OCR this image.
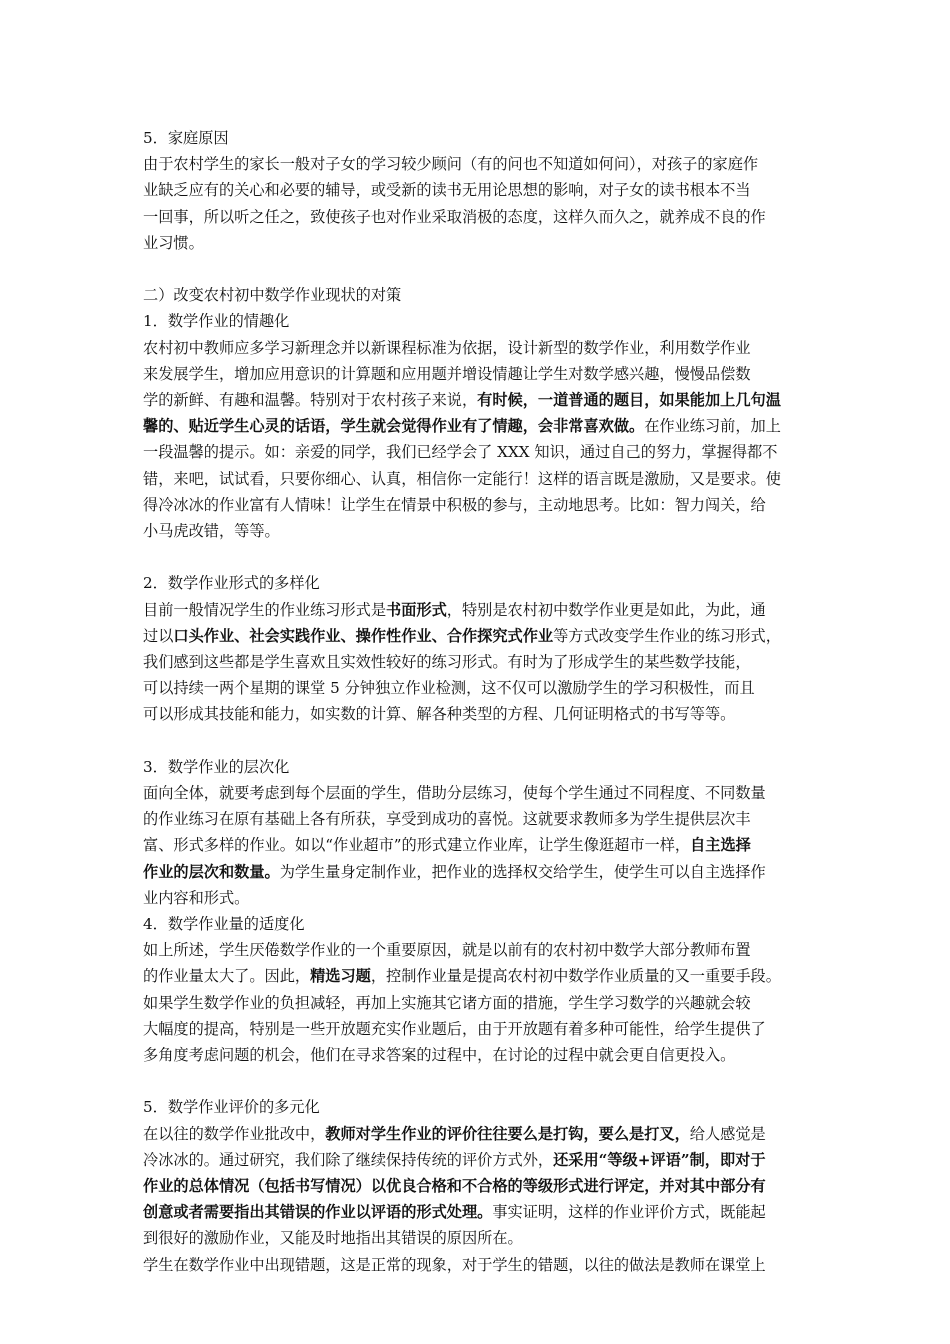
5．家庭原因
由于农村学生的家长一般对子女的学习较少顾问（有的问也不知道如何问），对孩子的家庭作
业缺乏应有的关心和必要的辅导，或受新的读书无用论思想的影响，对子女的读书根本不当
一回事，所以听之任之，致使孩子也对作业采取消极的态度，这样久而久之，就养成不良的作
业习惯。
二）改变农村初中数学作业现状的对策
1．数学作业的情趣化
农村初中教师应多学习新理念并以新课程标准为依据，设计新型的数学作业，利用数学作业
来发展学生，增加应用意识的计算题和应用题并增设情趣让学生对数学感兴趣，慢慢品偿数
学的新鲜、有趣和温馨。特别对于农村孩子来说，有时候，一道普通的题目，如果能加上几句温
馨的、贴近学生心灵的话语，学生就会觉得作业有了情趣，会非常喜欢做。在作业练习前，加上
一段温馨的提示。如：亲爱的同学，我们已经学会了 XXX 知识，通过自己的努力，掌握得都不
错，来吧，试试看，只要你细心、认真，相信你一定能行！这样的语言既是激励，又是要求。使
得冷冰冰的作业富有人情味！让学生在情景中积极的参与，主动地思考。比如：智力闯关，给
小马虎改错，等等。
2．数学作业形式的多样化
目前一般情况学生的作业练习形式是书面形式，特别是农村初中数学作业更是如此，为此，通
过以口头作业、社会实践作业、操作性作业、合作探究式作业等方式改变学生作业的练习形式，
我们感到这些都是学生喜欢且实效性较好的练习形式。有时为了形成学生的某些数学技能，
可以持续一两个星期的课堂 5 分钟独立作业检测，这不仅可以激励学生的学习积极性，而且
可以形成其技能和能力，如实数的计算、解各种类型的方程、几何证明格式的书写等等。
3．数学作业的层次化
面向全体，就要考虑到每个层面的学生，借助分层练习，使每个学生通过不同程度、不同数量
的作业练习在原有基础上各有所获，享受到成功的喜悦。这就要求教师多为学生提供层次丰
富、形式多样的作业。如以“作业超市”的形式建立作业库，让学生像逛超市一样，自主选择
作业的层次和数量。为学生量身定制作业，把作业的选择权交给学生，使学生可以自主选择作
业内容和形式。
4．数学作业量的适度化
如上所述，学生厌倦数学作业的一个重要原因，就是以前有的农村初中数学大部分教师布置
的作业量太大了。因此，精选习题，控制作业量是提高农村初中数学作业质量的又一重要手段。
如果学生数学作业的负担减轻，再加上实施其它诸方面的措施，学生学习数学的兴趣就会较
大幅度的提高，特别是一些开放题充实作业题后，由于开放题有着多种可能性，给学生提供了
多角度考虑问题的机会，他们在寻求答案的过程中，在讨论的过程中就会更自信更投入。
5．数学作业评价的多元化
在以往的数学作业批改中，教师对学生作业的评价往往要么是打钩，要么是打叉，给人感觉是
冷冰冰的。通过研究，我们除了继续保持传统的评价方式外，还采用“等级+评语”制，即对于
作业的总体情况（包括书写情况）以优良合格和不合格的等级形式进行评定，并对其中部分有
创意或者需要指出其错误的作业以评语的形式处理。事实证明，这样的作业评价方式，既能起
到很好的激励作业，又能及时地指出其错误的原因所在。
学生在数学作业中出现错题，这是正常的现象，对于学生的错题，以往的做法是教师在课堂上
